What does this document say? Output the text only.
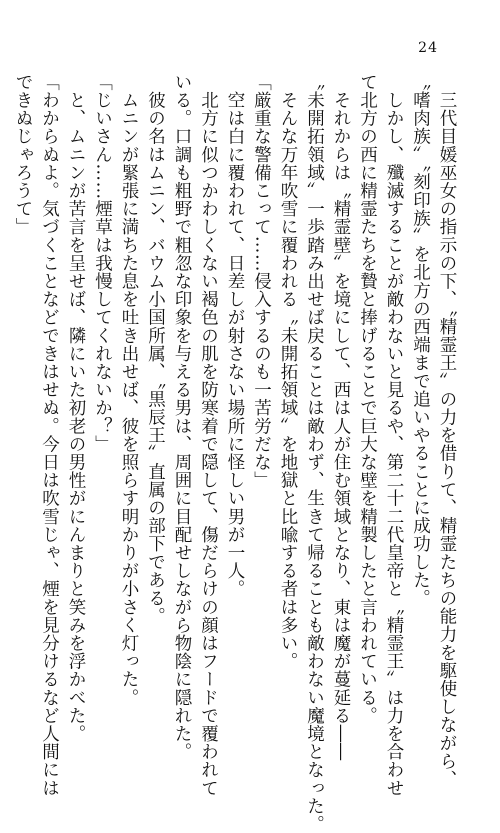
24
　三代目媛巫女の指示の下、〝精霊王〟の力を借りて、精霊たちの能力を駆使しながら、
〝嗜肉族〟〝刻印族〟を北方の西端まで追いやることに成功した。
　しかし、殲滅することが敵わないと見るや、第二十二代皇帝と〝精霊王〟は力を合わせ
て北方の西に精霊たちを贄と捧げることで巨大な壁を精製したと言われている。
　それからは〝精霊壁〟を境にして、西は人が住む領域となり、東は魔が蔓延る――
〝未開拓領域〟一歩踏み出せば戻ることは敵わず、生きて帰ることも敵わない魔境となった。
　そんな万年吹雪に覆われる〝未開拓領域〟を地獄と比喩する者は多い。
「厳重な警備こって……侵入するのも一苦労だな」
　空は白に覆われて、日差しが射さない場所に怪しい男が一人。
　北方に似つかわしくない褐色の肌を防寒着で隠して、傷だらけの顔はフードで覆われて
いる。口調も粗野で粗忽な印象を与える男は、周囲に目配せしながら物陰に隠れた。
　彼の名はムニン、バウム小国所属、〝黒辰王〟直属の部下である。
　ムニンが緊張に満ちた息を吐き出せば、彼を照らす明かりが小さく灯った。
「じいさん……煙草は我慢してくれないか？」
　と、ムニンが苦言を呈せば、隣にいた初老の男性がにんまりと笑みを浮かべた。
「わからぬよ。気づくことなどできはせぬ。今日は吹雪じゃ、煙を見分けるなど人間には
できぬじゃろうて」
